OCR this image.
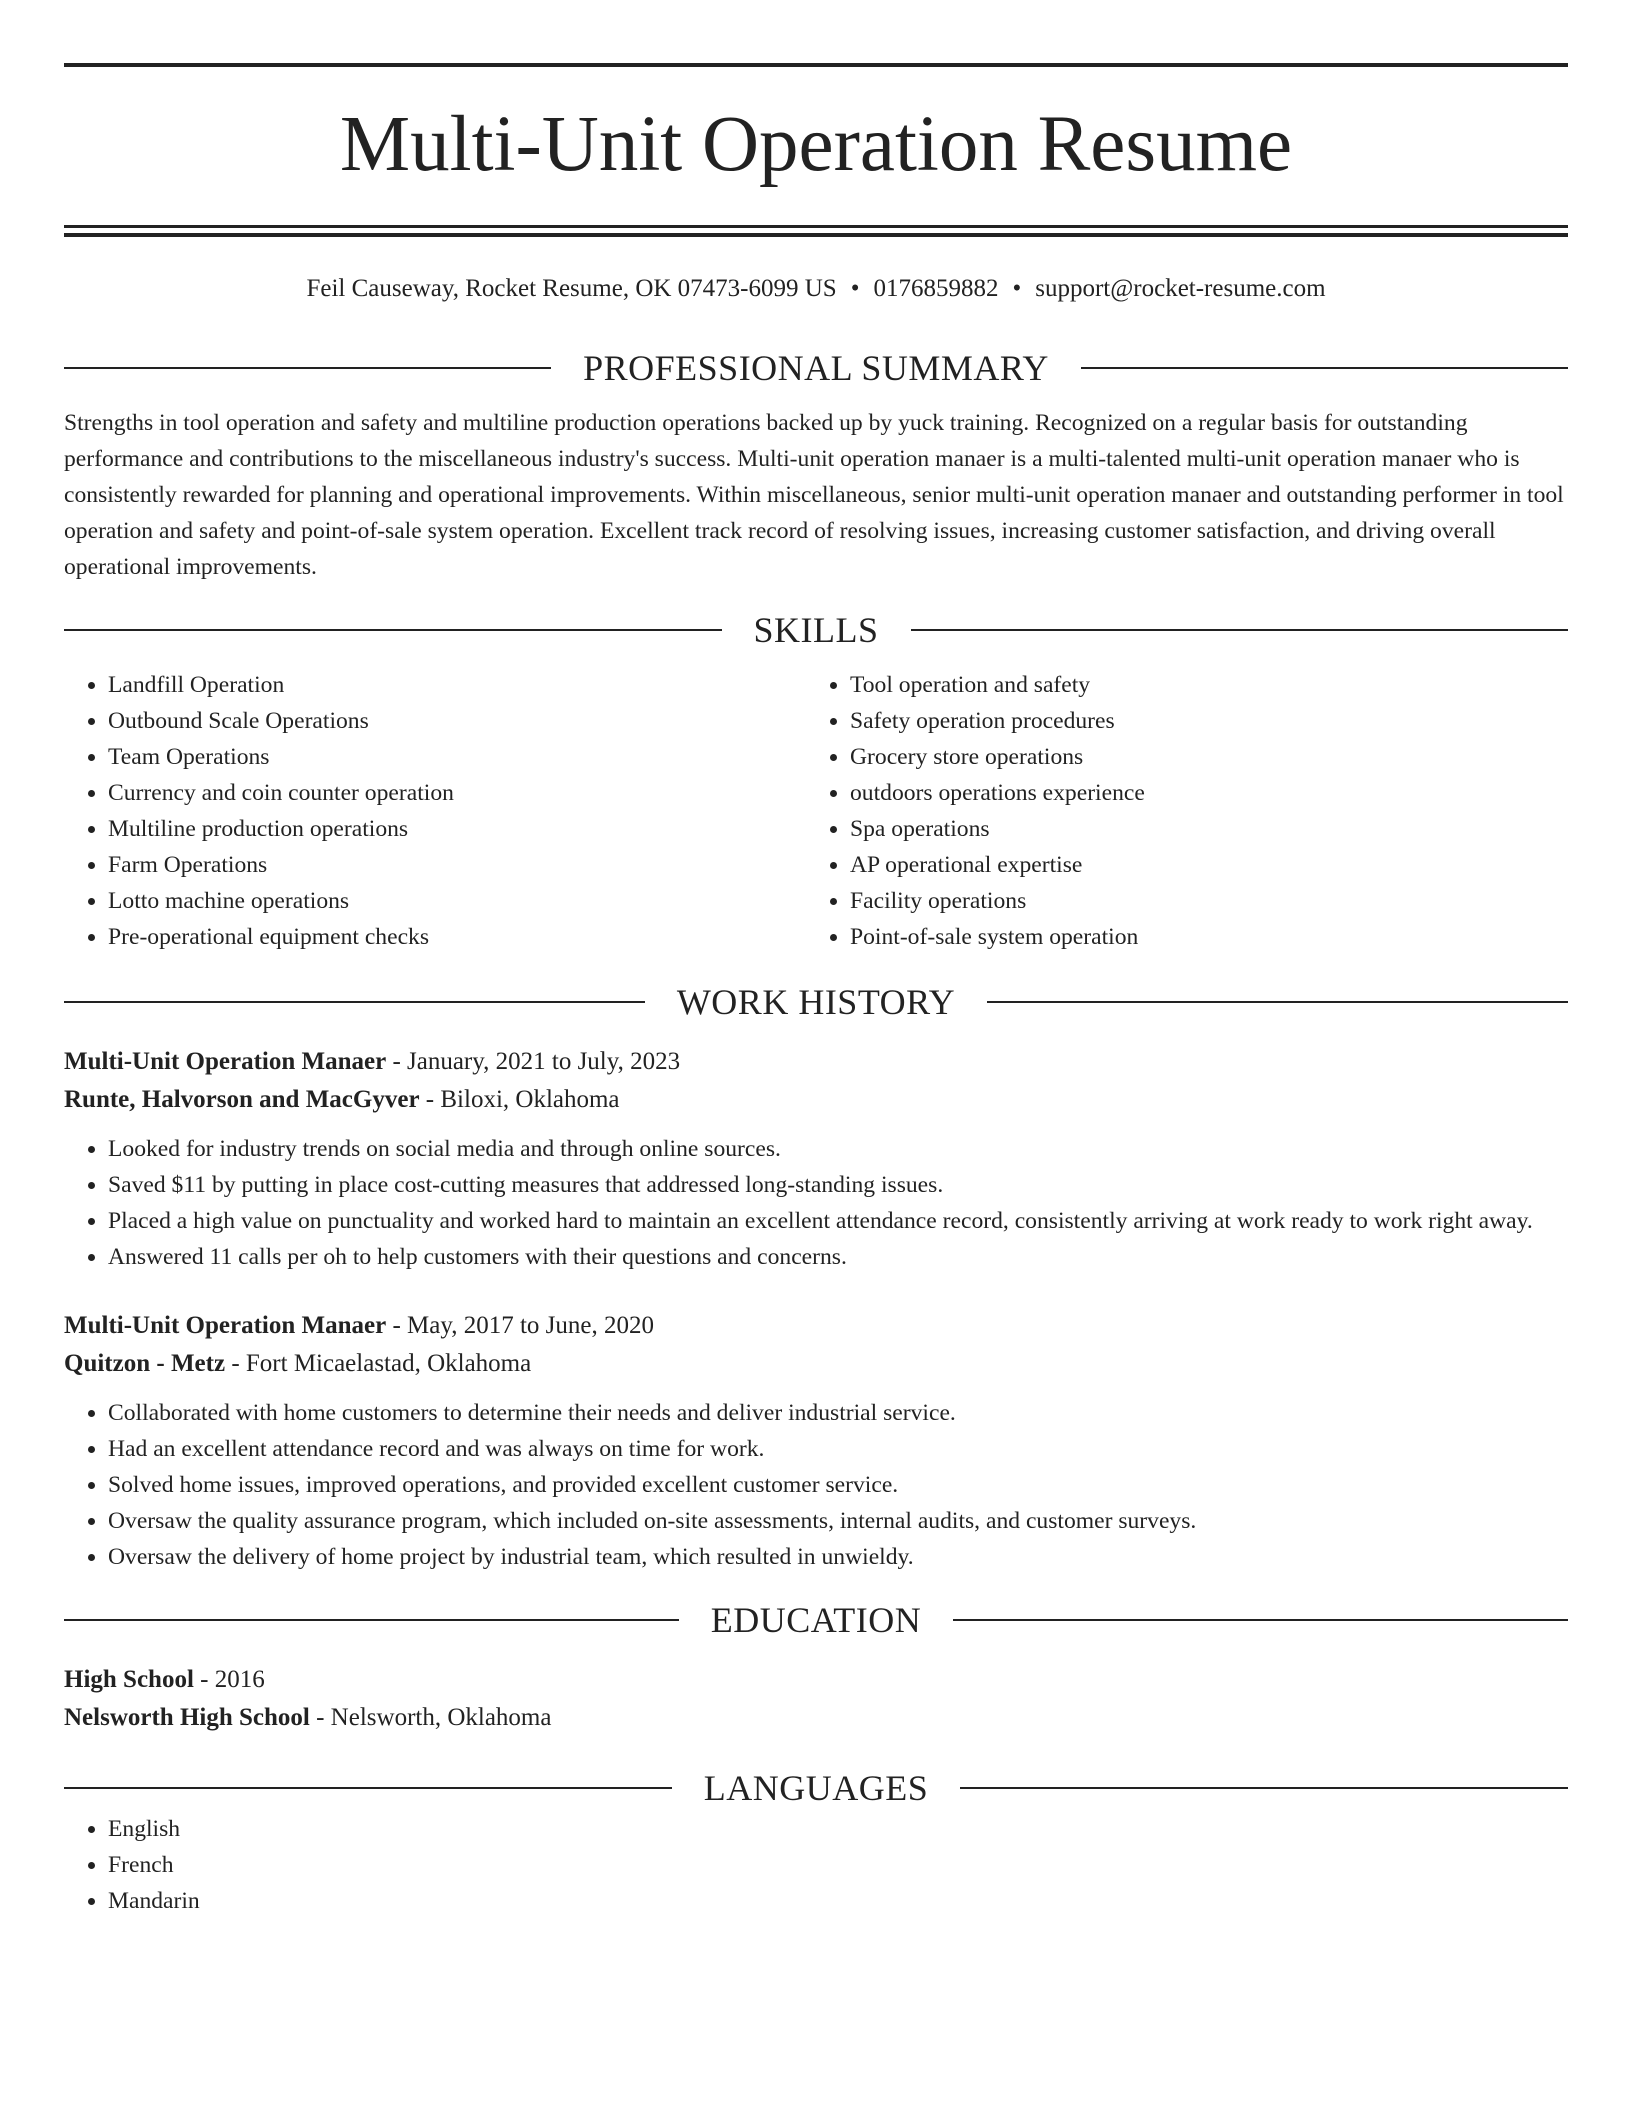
Multi-Unit Operation Resume
Feil Causeway, Rocket Resume, OK 07473-6099 US • 0176859882 • support@rocket-resume.com
PROFESSIONAL SUMMARY

Strengths in tool operation and safety and multiline production operations backed up by yuck training. Recognized on a regular basis for outstanding performance and contributions to the miscellaneous industry's success. Multi-unit operation manaer is a multi-talented multi-unit operation manaer who is consistently rewarded for planning and operational improvements. Within miscellaneous, senior multi-unit operation manaer and outstanding performer in tool operation and safety and point-of-sale system operation. Excellent track record of resolving issues, increasing customer satisfaction, and driving overall operational improvements.

SKILLS
• Landfill Operation
• Outbound Scale Operations
• Team Operations
• Currency and coin counter operation
• Multiline production operations
• Farm Operations
• Lotto machine operations
• Pre-operational equipment checks
• Tool operation and safety
• Safety operation procedures
• Grocery store operations
• outdoors operations experience
• Spa operations
• AP operational expertise
• Facility operations
• Point-of-sale system operation
WORK HISTORY
Multi-Unit Operation Manaer - January, 2021 to July, 2023
Runte, Halvorson and MacGyver - Biloxi, Oklahoma
• Looked for industry trends on social media and through online sources.
• Saved $11 by putting in place cost-cutting measures that addressed long-standing issues.
• Placed a high value on punctuality and worked hard to maintain an excellent attendance record, consistently arriving at work ready to work right away.
• Answered 11 calls per oh to help customers with their questions and concerns.
Multi-Unit Operation Manaer - May, 2017 to June, 2020
Quitzon - Metz - Fort Micaelastad, Oklahoma
• Collaborated with home customers to determine their needs and deliver industrial service.
• Had an excellent attendance record and was always on time for work.
• Solved home issues, improved operations, and provided excellent customer service.
• Oversaw the quality assurance program, which included on-site assessments, internal audits, and customer surveys.
• Oversaw the delivery of home project by industrial team, which resulted in unwieldy.
EDUCATION
High School - 2016
Nelsworth High School - Nelsworth, Oklahoma
LANGUAGES
• English
• French
• Mandarin
